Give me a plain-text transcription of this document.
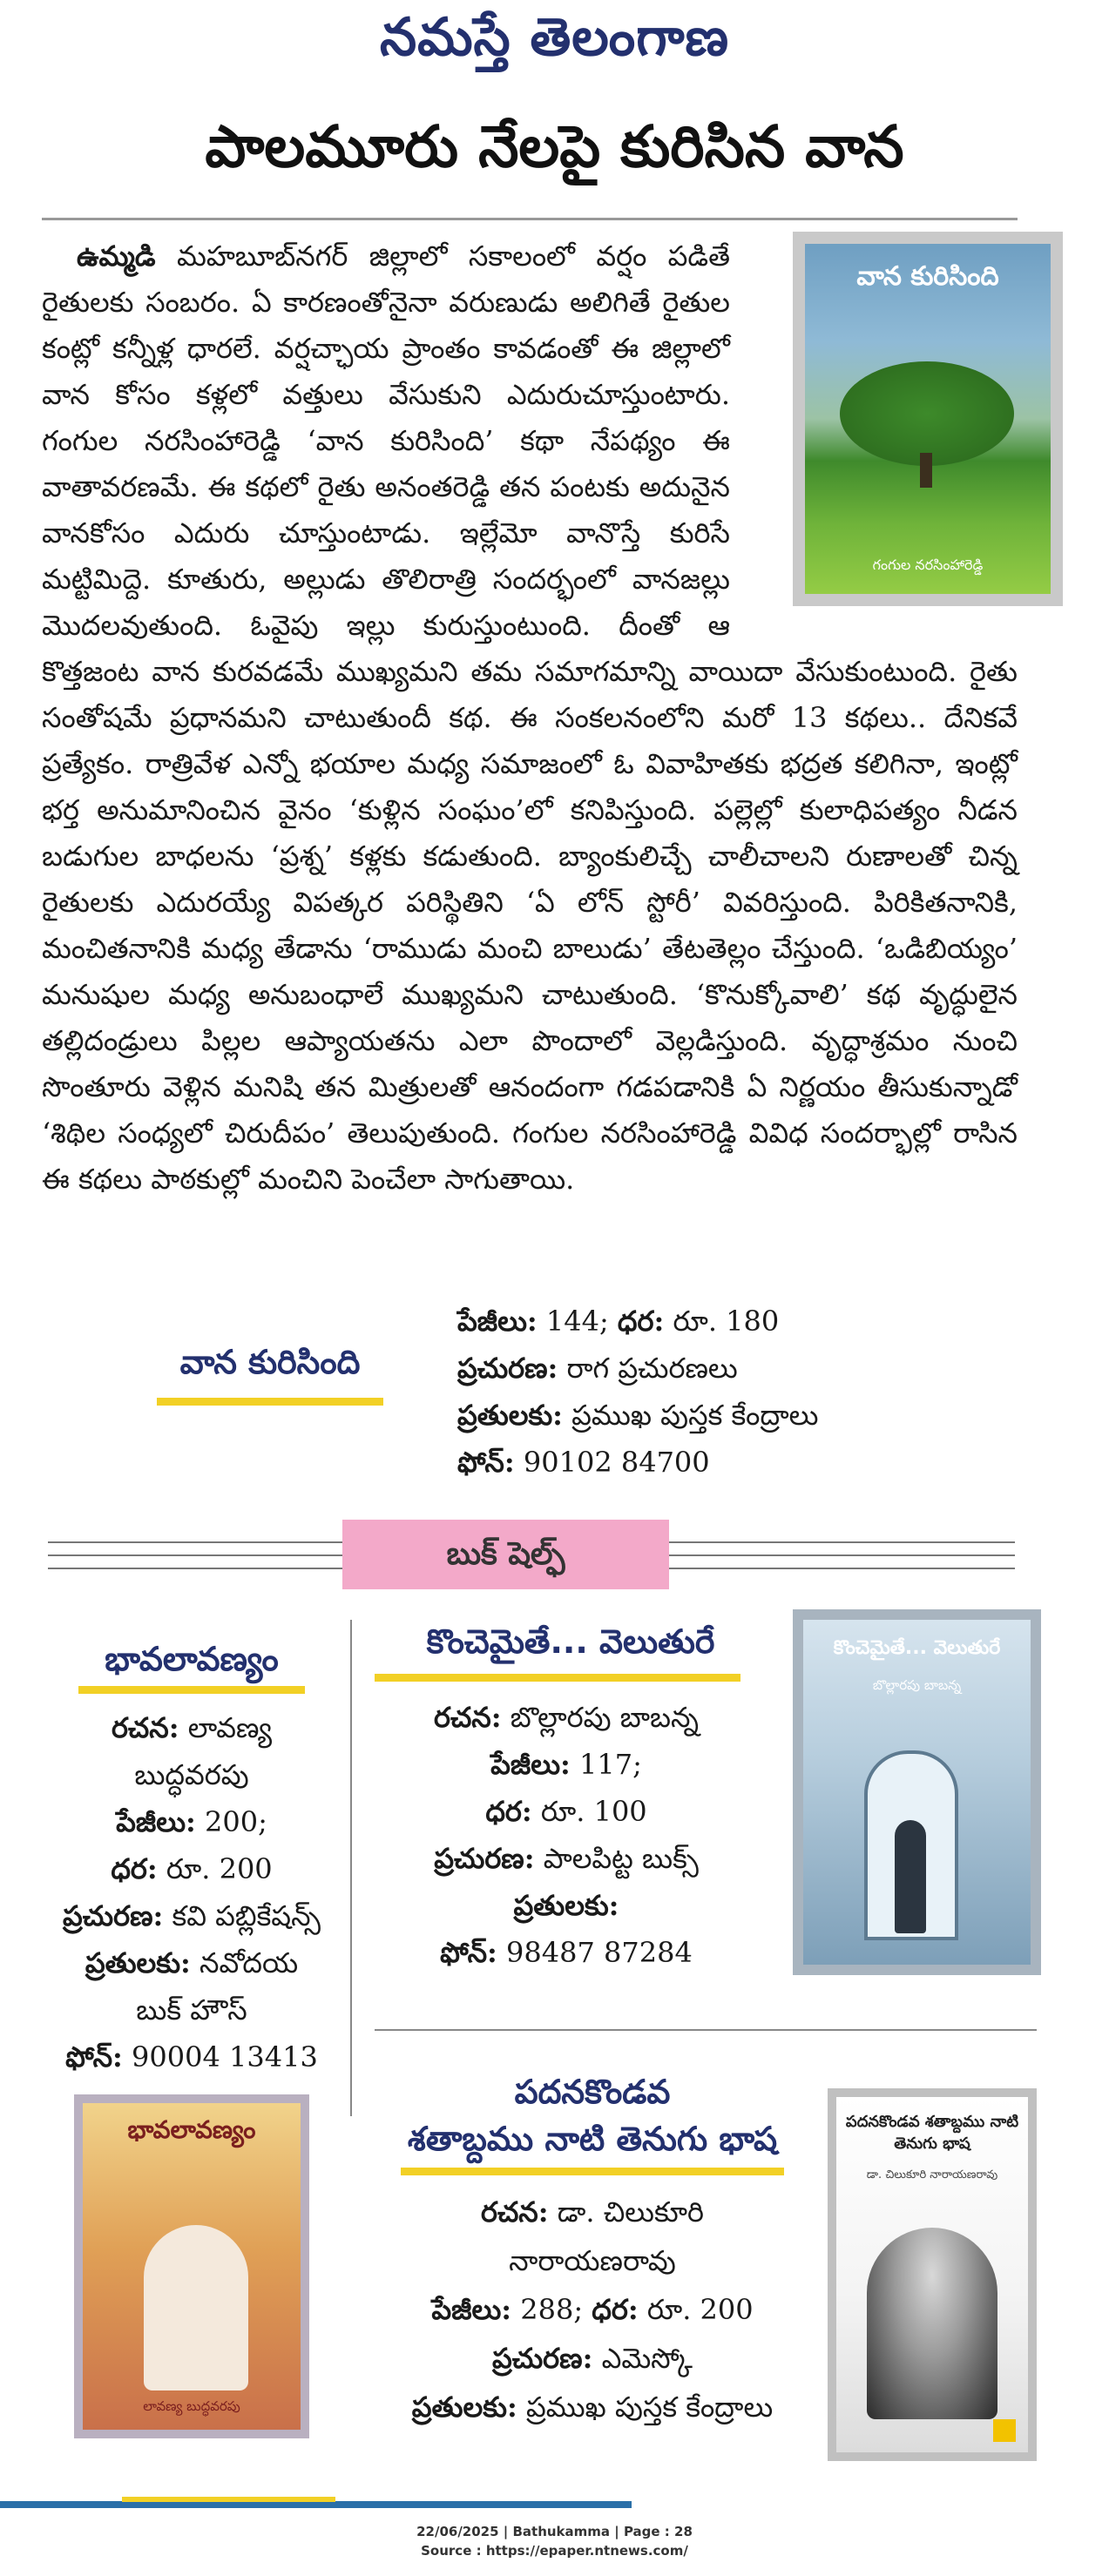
నమస్తే తెలంగాణ
పాలమూరు నేలపై కురిసిన వాన
వాన కురిసింది
గంగుల నరసింహారెడ్డి
ఉమ్మడి మహబూబ్‌నగర్ జిల్లాలో సకాలంలో వర్షం పడితే రైతులకు సంబరం. ఏ కారణంతోనైనా వరుణుడు అలిగితే రైతుల కంట్లో కన్నీళ్ల ధారలే. వర్షచ్ఛాయ ప్రాంతం కావడంతో ఈ జిల్లాలో వాన కోసం కళ్లలో వత్తులు వేసుకుని ఎదురుచూస్తుంటారు. గంగుల నరసింహారెడ్డి ‘వాన కురిసింది’ కథా నేపథ్యం ఈ వాతావరణమే. ఈ కథలో రైతు అనంతరెడ్డి తన పంటకు అదునైన వానకోసం ఎదురు చూస్తుంటాడు. ఇల్లేమో వానొస్తే కురిసే మట్టిమిద్దె. కూతురు, అల్లుడు తొలిరాత్రి సందర్భంలో వానజల్లు మొదలవుతుంది. ఓవైపు ఇల్లు కురుస్తుంటుంది. దీంతో ఆ కొత్తజంట వాన కురవడమే ముఖ్యమని తమ సమాగమాన్ని వాయిదా వేసుకుంటుంది. రైతు సంతోషమే ప్రధానమని చాటుతుందీ కథ. ఈ సంకలనంలోని మరో 13 కథలు.. దేనికవే ప్రత్యేకం. రాత్రివేళ ఎన్నో భయాల మధ్య సమాజంలో ఓ వివాహితకు భద్రత కలిగినా, ఇంట్లో భర్త అనుమానించిన వైనం ‘కుళ్లిన సంఘం’లో కనిపిస్తుంది. పల్లెల్లో కులాధిపత్యం నీడన బడుగుల బాధలను ‘ప్రశ్న’ కళ్లకు కడుతుంది. బ్యాంకులిచ్చే చాలీచాలని రుణాలతో చిన్న రైతులకు ఎదురయ్యే విపత్కర పరిస్థితిని ‘ఏ లోన్ స్టోరీ’ వివరిస్తుంది. పిరికితనానికి, మంచితనానికి మధ్య తేడాను ‘రాముడు మంచి బాలుడు’ తేటతెల్లం చేస్తుంది. ‘ఒడిబియ్యం’ మనుషుల మధ్య అనుబంధాలే ముఖ్యమని చాటుతుంది. ‘కొనుక్కోవాలి’ కథ వృద్ధులైన తల్లిదండ్రులు పిల్లల ఆప్యాయతను ఎలా పొందాలో వెల్లడిస్తుంది. వృద్ధాశ్రమం నుంచి సొంతూరు వెళ్లిన మనిషి తన మిత్రులతో ఆనందంగా గడపడానికి ఏ నిర్ణయం తీసుకున్నాడో ‘శిథిల సంధ్యలో చిరుదీపం’ తెలుపుతుంది. గంగుల నరసింహారెడ్డి వివిధ సందర్భాల్లో రాసిన ఈ కథలు పాఠకుల్లో మంచిని పెంచేలా సాగుతాయి.
వాన కురిసింది
పేజీలు: 144; ధర: రూ. 180
ప్రచురణ: రాగ ప్రచురణలు
ప్రతులకు: ప్రముఖ పుస్తక కేంద్రాలు
ఫోన్: 90102 84700
బుక్ షెల్ఫ్
భావలావణ్యం
రచన: లావణ్య
బుద్ధవరపు
పేజీలు: 200;
ధర: రూ. 200
ప్రచురణ: కవి పబ్లికేషన్స్
ప్రతులకు: నవోదయ
బుక్ హౌస్
ఫోన్: 90004 13413
కొంచెమైతే... వెలుతురే
రచన: బొల్లారపు బాబన్న
పేజీలు: 117;
ధర: రూ. 100
ప్రచురణ: పాలపిట్ట బుక్స్
ప్రతులకు:
ఫోన్: 98487 87284
కొంచెమైతే... వెలుతురే
బొల్లారపు బాబన్న
భావలావణ్యం
లావణ్య బుద్ధవరపు
పదనకొండవ
శతాబ్దము నాటి తెనుగు భాష
రచన: డా. చిలుకూరి
నారాయణరావు
పేజీలు: 288; ధర: రూ. 200
ప్రచురణ: ఎమెస్కో
ప్రతులకు: ప్రముఖ పుస్తక కేంద్రాలు
పదనకొండవ శతాబ్దము నాటి తెనుగు భాష
డా. చిలుకూరి నారాయణరావు
22/06/2025 | Bathukamma | Page : 28
Source : https://epaper.ntnews.com/
